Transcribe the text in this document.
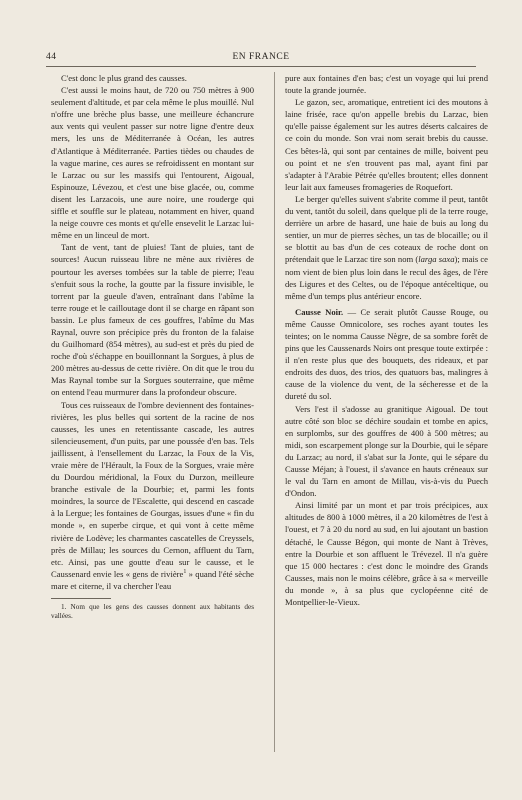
44	EN FRANCE

C'est donc le plus grand des causses.

C'est aussi le moins haut, de 720 ou 750 mètres à 900 seulement d'altitude, et par cela même le plus mouillé. Nul n'offre une brèche plus basse, une meilleure échancrure aux vents qui veulent passer sur notre ligne d'entre deux mers, les uns de Méditerranée à Océan, les autres d'Atlantique à Méditerranée. Parties tièdes ou chaudes de la vague marine, ces aures se refroidissent en montant sur le Larzac ou sur les massifs qui l'entourent, Aigoual, Espinouze, Lévezou, et c'est une bise glacée, ou, comme disent les Larzacois, une aure noire, une rouderge qui siffle et souffle sur le plateau, notamment en hiver, quand la neige couvre ces monts et qu'elle ensevelit le Larzac lui-même en un linceul de mort.

Tant de vent, tant de pluies! Tant de pluies, tant de sources! Aucun ruisseau libre ne mène aux rivières de pourtour les averses tombées sur la table de pierre; l'eau s'enfuit sous la roche, la goutte par la fissure invisible, le torrent par la gueule d'aven, entraînant dans l'abîme la terre rouge et le cailloutage dont il se charge en râpant son bassin. Le plus fameux de ces gouffres, l'abîme du Mas Raynal, ouvre son précipice près du fronton de la falaise du Guilhomard (854 mètres), au sud-est et près du pied de roche d'où s'échappe en bouillonnant la Sorgues, à plus de 200 mètres au-dessus de cette rivière. On dit que le trou du Mas Raynal tombe sur la Sorgues souterraine, que même on entend l'eau murmurer dans la profondeur obscure.

Tous ces ruisseaux de l'ombre deviennent des fontaines-rivières, les plus belles qui sortent de la racine de nos causses, les unes en retentissante cascade, les autres silencieusement, d'un puits, par une poussée d'en bas. Tels jaillissent, à l'ensellement du Larzac, la Foux de la Vis, vraie mère de l'Hérault, la Foux de la Sorgues, vraie mère du Dourdou méridional, la Foux du Durzon, meilleure branche estivale de la Dourbie; et, parmi les fonts moindres, la source de l'Escalette, qui descend en cascade à la Lergue; les fontaines de Gourgas, issues d'une « fin du monde », en superbe cirque, et qui vont à cette même rivière de Lodève; les charmantes cascatelles de Creyssels, près de Millau; les sources du Cernon, affluent du Tarn, etc. Ainsi, pas une goutte d'eau sur le causse, et le Caussenard envie les « gens de rivière$^1$ » quand l'été sèche mare et citerne, il va chercher l'eau

1. Nom que les gens des causses donnent aux habitants des vallées.

pure aux fontaines d'en bas; c'est un voyage qui lui prend toute la grande journée.

Le gazon, sec, aromatique, entretient ici des moutons à laine frisée, race qu'on appelle brebis du Larzac, bien qu'elle paisse également sur les autres déserts calcaires de ce coin du monde. Son vrai nom serait brebis du causse. Ces bêtes-là, qui sont par centaines de mille, boivent peu ou point et ne s'en trouvent pas mal, ayant fini par s'adapter à l'Arabie Pétrée qu'elles broutent; elles donnent leur lait aux fameuses fromageries de Roquefort.

Le berger qu'elles suivent s'abrite comme il peut, tantôt du vent, tantôt du soleil, dans quelque pli de la terre rouge, derrière un arbre de hasard, une haie de buis au long du sentier, un mur de pierres sèches, un tas de blocaille; ou il se blottit au bas d'un de ces coteaux de roche dont on prétendait que le Larzac tire son nom (larga saxa); mais ce nom vient de bien plus loin dans le recul des âges, de l'ère des Ligures et des Celtes, ou de l'époque antéceltique, ou même d'un temps plus antérieur encore.

Causse Noir. — Ce serait plutôt Causse Rouge, ou même Causse Omnicolore, ses roches ayant toutes les teintes; on le nomma Causse Nègre, de sa sombre forêt de pins que les Caussenards Noirs ont presque toute extirpée : il n'en reste plus que des bouquets, des rideaux, et par endroits des duos, des trios, des quatuors bas, malingres à cause de la violence du vent, de la sécheresse et de la dureté du sol.

Vers l'est il s'adosse au granitique Aigoual. De tout autre côté son bloc se déchire soudain et tombe en apics, en surplombs, sur des gouffres de 400 à 500 mètres; au midi, son escarpement plonge sur la Dourbie, qui le sépare du Larzac; au nord, il s'abat sur la Jonte, qui le sépare du Causse Méjan; à l'ouest, il s'avance en hauts créneaux sur le val du Tarn en amont de Millau, vis-à-vis du Puech d'Ondon.

Ainsi limité par un mont et par trois précipices, aux altitudes de 800 à 1000 mètres, il a 20 kilomètres de l'est à l'ouest, et 7 à 20 du nord au sud, en lui ajoutant un bastion détaché, le Causse Bégon, qui monte de Nant à Trèves, entre la Dourbie et son affluent le Trévezel. Il n'a guère que 15 000 hectares : c'est donc le moindre des Grands Causses, mais non le moins célèbre, grâce à sa « merveille du monde », à sa plus que cyclopéenne cité de Montpellier-le-Vieux.
